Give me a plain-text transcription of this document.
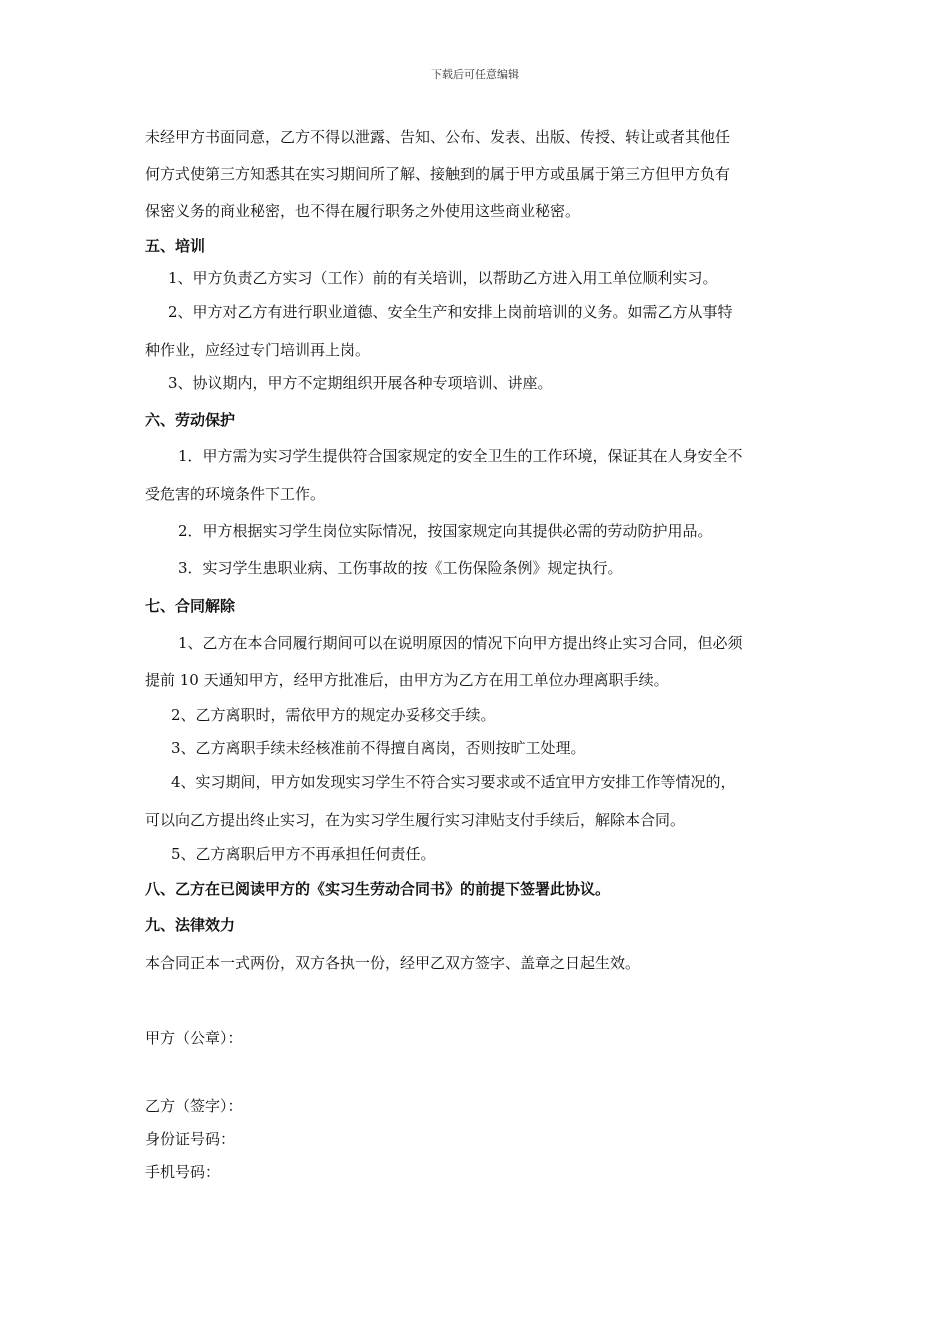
下载后可任意编辑
未经甲方书面同意，乙方不得以泄露、告知、公布、发表、出版、传授、转让或者其他任
何方式使第三方知悉其在实习期间所了解、接触到的属于甲方或虽属于第三方但甲方负有
保密义务的商业秘密，也不得在履行职务之外使用这些商业秘密。
五、培训
1、甲方负责乙方实习（工作）前的有关培训，以帮助乙方进入用工单位顺利实习。
2、甲方对乙方有进行职业道德、安全生产和安排上岗前培训的义务。如需乙方从事特
种作业，应经过专门培训再上岗。
3、协议期内，甲方不定期组织开展各种专项培训、讲座。
六、劳动保护
1．甲方需为实习学生提供符合国家规定的安全卫生的工作环境，保证其在人身安全不
受危害的环境条件下工作。
2．甲方根据实习学生岗位实际情况，按国家规定向其提供必需的劳动防护用品。
3．实习学生患职业病、工伤事故的按《工伤保险条例》规定执行。
七、合同解除
1、乙方在本合同履行期间可以在说明原因的情况下向甲方提出终止实习合同，但必须
提前 10 天通知甲方，经甲方批准后，由甲方为乙方在用工单位办理离职手续。
2、乙方离职时，需依甲方的规定办妥移交手续。
3、乙方离职手续未经核准前不得擅自离岗，否则按旷工处理。
4、实习期间，甲方如发现实习学生不符合实习要求或不适宜甲方安排工作等情况的，
可以向乙方提出终止实习，在为实习学生履行实习津贴支付手续后，解除本合同。
5、乙方离职后甲方不再承担任何责任。
八、乙方在已阅读甲方的《实习生劳动合同书》的前提下签署此协议。
九、法律效力
本合同正本一式两份，双方各执一份，经甲乙双方签字、盖章之日起生效。
甲方（公章）：
乙方（签字）：
身份证号码：
手机号码：
